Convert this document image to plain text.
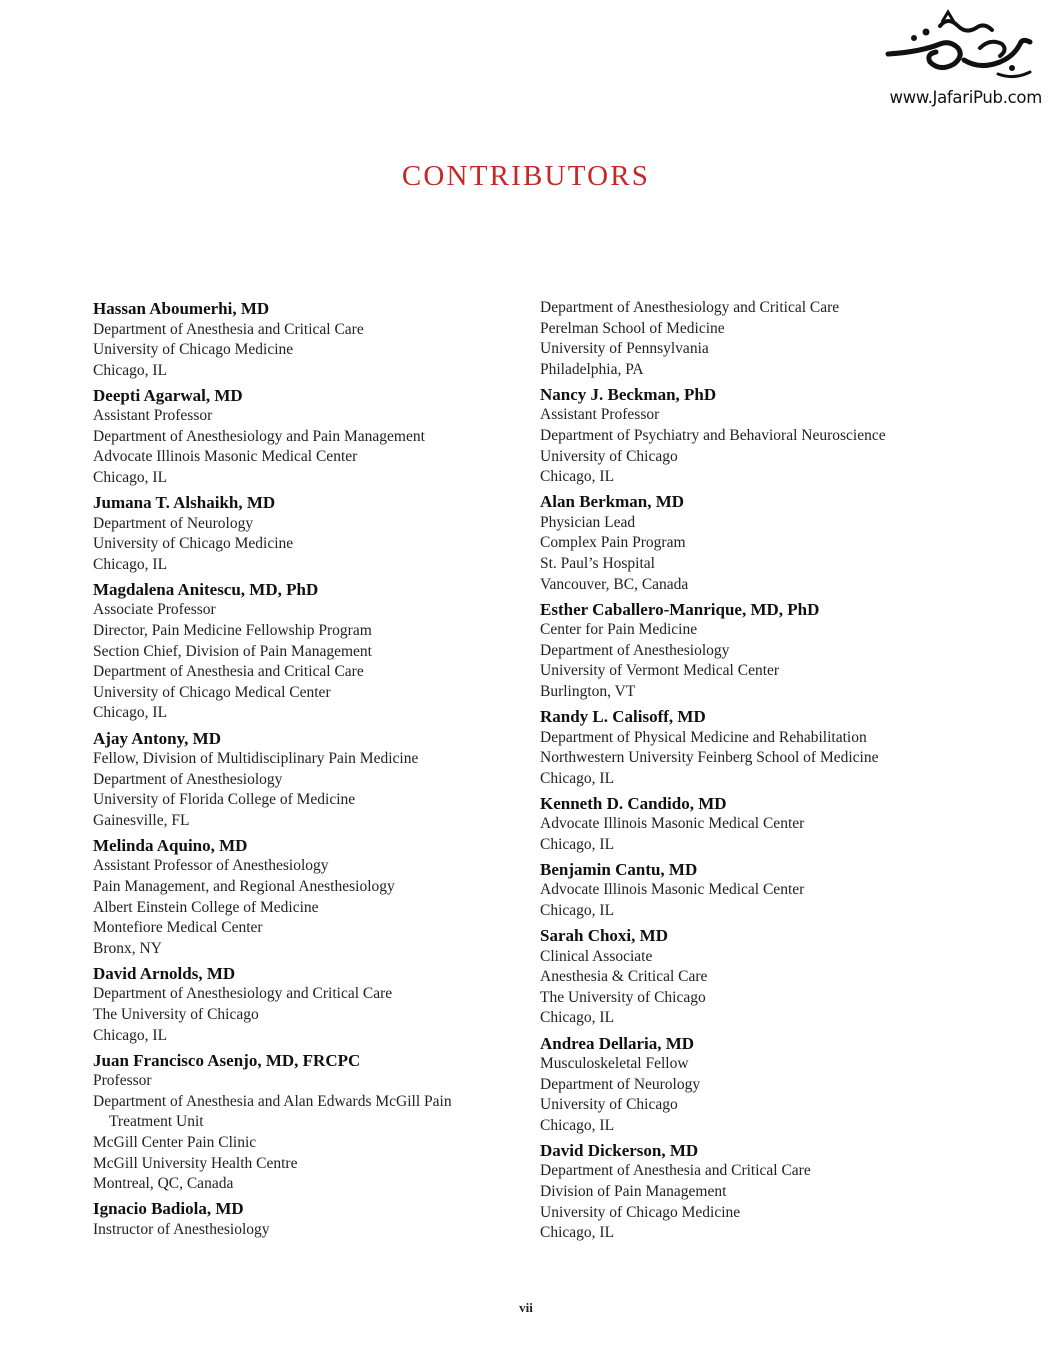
www.JafariPub.com
CONTRIBUTORS
Hassan Aboumerhi, MD
Department of Anesthesia and Critical Care
University of Chicago Medicine
Chicago, IL
Deepti Agarwal, MD
Assistant Professor
Department of Anesthesiology and Pain Management
Advocate Illinois Masonic Medical Center
Chicago, IL
Jumana T. Alshaikh, MD
Department of Neurology
University of Chicago Medicine
Chicago, IL
Magdalena Anitescu, MD, PhD
Associate Professor
Director, Pain Medicine Fellowship Program
Section Chief, Division of Pain Management
Department of Anesthesia and Critical Care
University of Chicago Medical Center
Chicago, IL
Ajay Antony, MD
Fellow, Division of Multidisciplinary Pain Medicine
Department of Anesthesiology
University of Florida College of Medicine
Gainesville, FL
Melinda Aquino, MD
Assistant Professor of Anesthesiology
Pain Management, and Regional Anesthesiology
Albert Einstein College of Medicine
Montefiore Medical Center
Bronx, NY
David Arnolds, MD
Department of Anesthesiology and Critical Care
The University of Chicago
Chicago, IL
Juan Francisco Asenjo, MD, FRCPC
Professor
Department of Anesthesia and Alan Edwards McGill Pain
Treatment Unit
McGill Center Pain Clinic
McGill University Health Centre
Montreal, QC, Canada
Ignacio Badiola, MD
Instructor of Anesthesiology
Department of Anesthesiology and Critical Care
Perelman School of Medicine
University of Pennsylvania
Philadelphia, PA
Nancy J. Beckman, PhD
Assistant Professor
Department of Psychiatry and Behavioral Neuroscience
University of Chicago
Chicago, IL
Alan Berkman, MD
Physician Lead
Complex Pain Program
St. Paul’s Hospital
Vancouver, BC, Canada
Esther Caballero-Manrique, MD, PhD
Center for Pain Medicine
Department of Anesthesiology
University of Vermont Medical Center
Burlington, VT
Randy L. Calisoff, MD
Department of Physical Medicine and Rehabilitation
Northwestern University Feinberg School of Medicine
Chicago, IL
Kenneth D. Candido, MD
Advocate Illinois Masonic Medical Center
Chicago, IL
Benjamin Cantu, MD
Advocate Illinois Masonic Medical Center
Chicago, IL
Sarah Choxi, MD
Clinical Associate
Anesthesia & Critical Care
The University of Chicago
Chicago, IL
Andrea Dellaria, MD
Musculoskeletal Fellow
Department of Neurology
University of Chicago
Chicago, IL
David Dickerson, MD
Department of Anesthesia and Critical Care
Division of Pain Management
University of Chicago Medicine
Chicago, IL
vii
